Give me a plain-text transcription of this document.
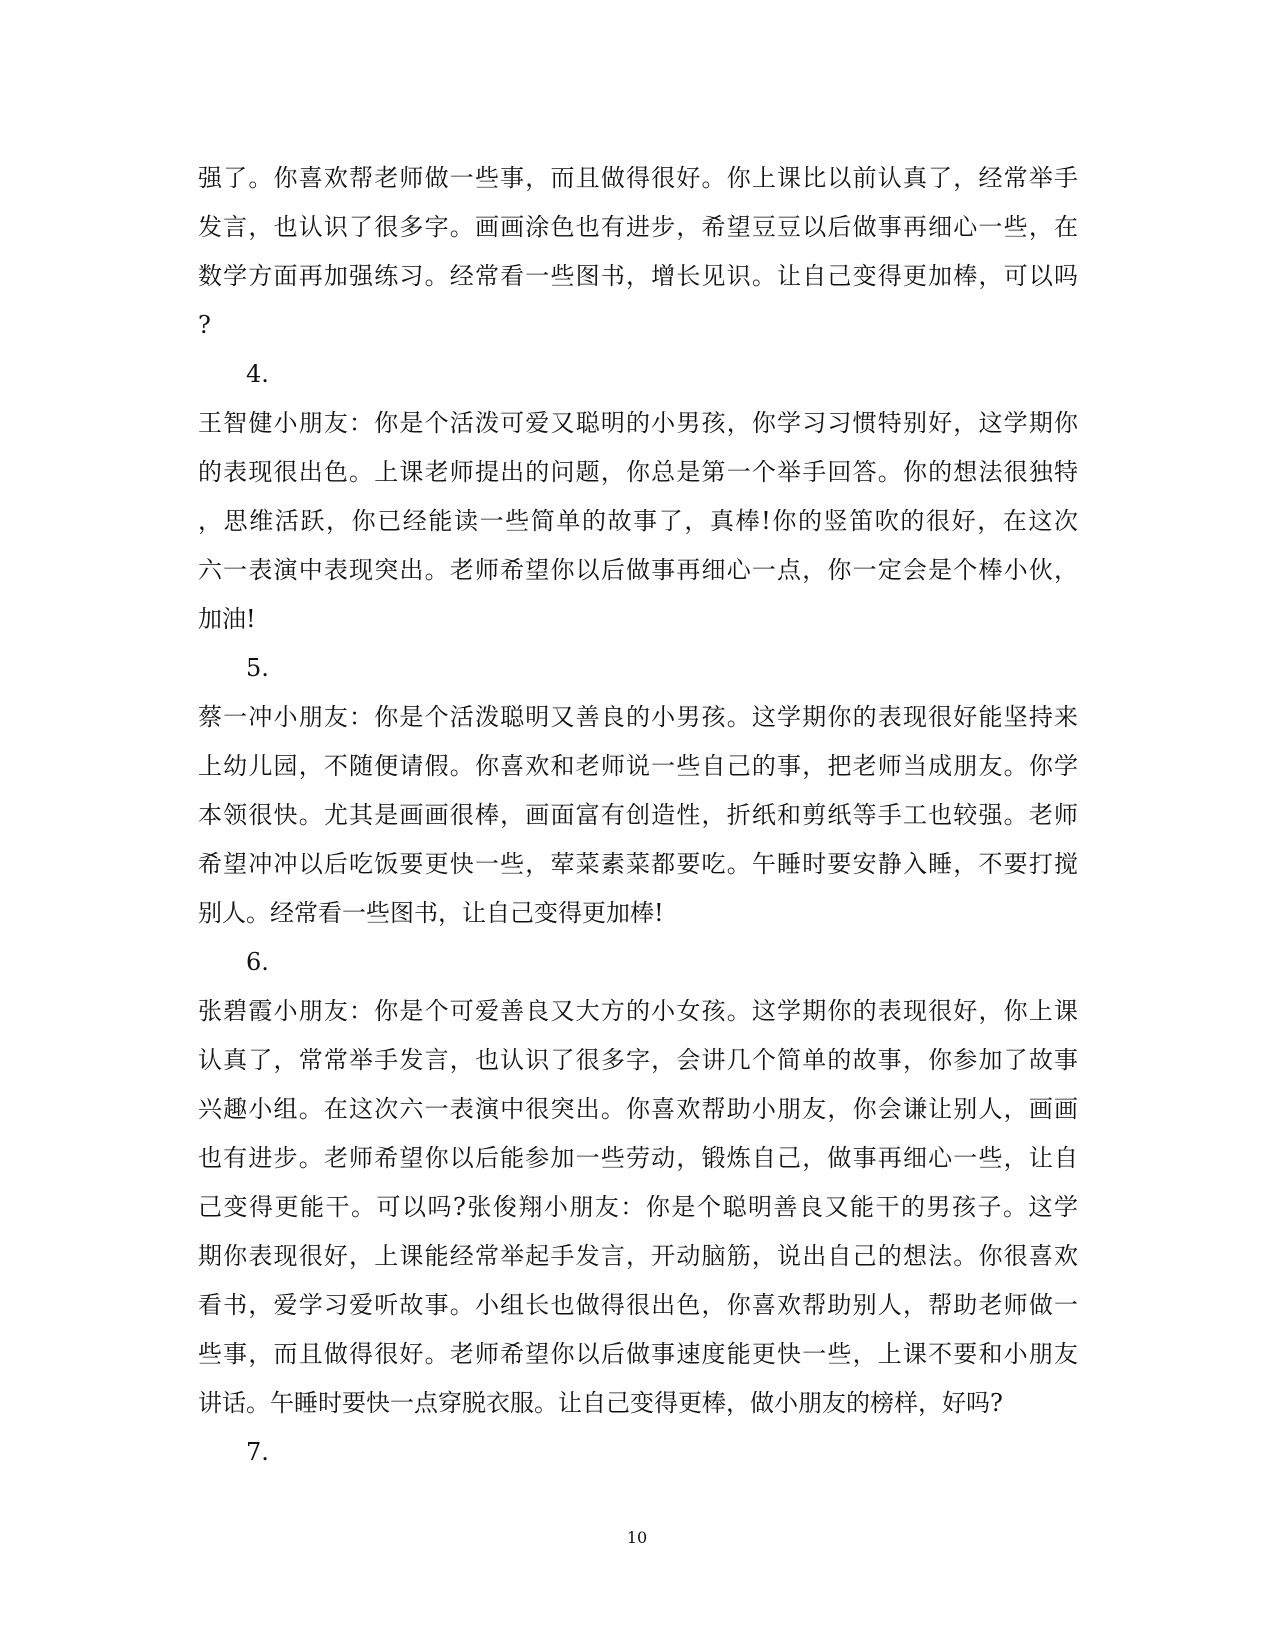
强了。你喜欢帮老师做一些事，而且做得很好。你上课比以前认真了，经常举手
发言，也认识了很多字。画画涂色也有进步，希望豆豆以后做事再细心一些，在
数学方面再加强练习。经常看一些图书，增长见识。让自己变得更加棒，可以吗
?
4.
王智健小朋友：你是个活泼可爱又聪明的小男孩，你学习习惯特别好，这学期你
的表现很出色。上课老师提出的问题，你总是第一个举手回答。你的想法很独特
，思维活跃，你已经能读一些简单的故事了，真棒!你的竖笛吹的很好，在这次
六一表演中表现突出。老师希望你以后做事再细心一点，你一定会是个棒小伙，
加油!
5.
蔡一冲小朋友：你是个活泼聪明又善良的小男孩。这学期你的表现很好能坚持来
上幼儿园，不随便请假。你喜欢和老师说一些自己的事，把老师当成朋友。你学
本领很快。尤其是画画很棒，画面富有创造性，折纸和剪纸等手工也较强。老师
希望冲冲以后吃饭要更快一些，荤菜素菜都要吃。午睡时要安静入睡，不要打搅
别人。经常看一些图书，让自己变得更加棒!
6.
张碧霞小朋友：你是个可爱善良又大方的小女孩。这学期你的表现很好，你上课
认真了，常常举手发言，也认识了很多字，会讲几个简单的故事，你参加了故事
兴趣小组。在这次六一表演中很突出。你喜欢帮助小朋友，你会谦让别人，画画
也有进步。老师希望你以后能参加一些劳动，锻炼自己，做事再细心一些，让自
己变得更能干。可以吗?张俊翔小朋友：你是个聪明善良又能干的男孩子。这学
期你表现很好，上课能经常举起手发言，开动脑筋，说出自己的想法。你很喜欢
看书，爱学习爱听故事。小组长也做得很出色，你喜欢帮助别人，帮助老师做一
些事，而且做得很好。老师希望你以后做事速度能更快一些，上课不要和小朋友
讲话。午睡时要快一点穿脱衣服。让自己变得更棒，做小朋友的榜样，好吗?
7.
10
